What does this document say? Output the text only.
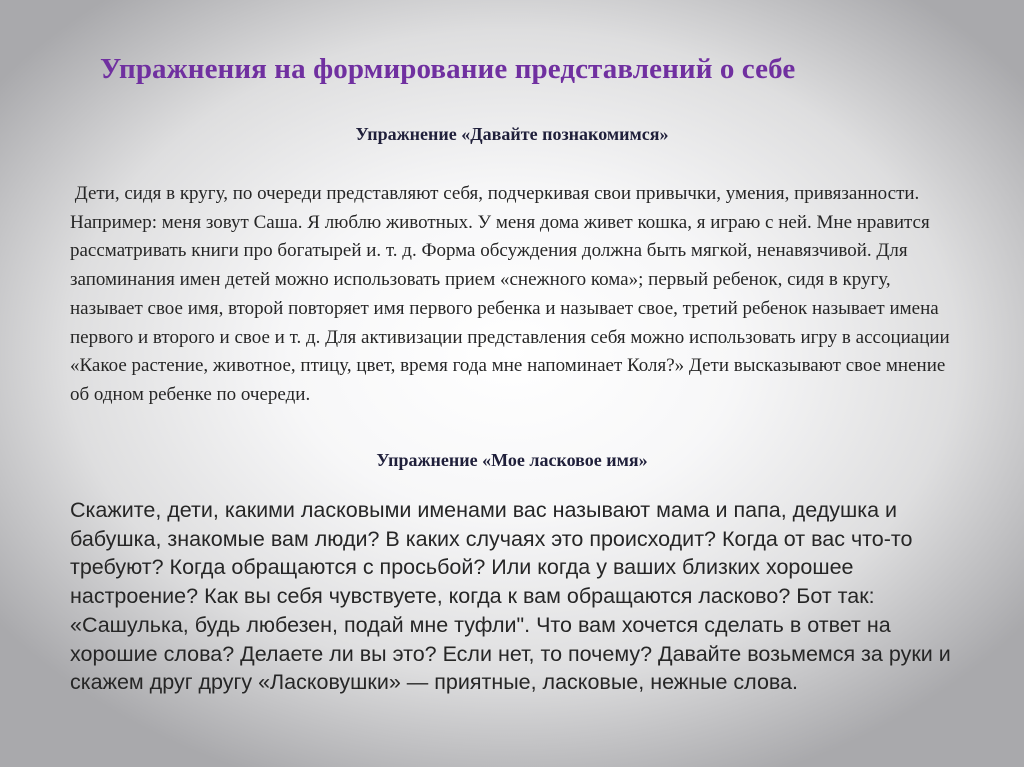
Упражнения на формирование представлений о себе
Упражнение «Давайте познакомимся»

Дети, сидя в кругу, по очереди представляют себя, подчеркивая свои привычки, умения, привязанности. Например: меня зовут Саша. Я люблю животных. У меня дома живет кошка, я играю с ней. Мне нравится рассматривать книги про богатырей и. т. д. Форма обсуждения должна быть мягкой, ненавязчивой. Для запоминания имен детей можно использовать прием «снежного кома»; первый ребенок, сидя в кругу, называет свое имя, второй повторяет имя первого ребенка и называет свое, третий ребенок называет имена первого и второго и свое и т. д. Для активизации представления себя можно использовать игру в ассоциации «Какое растение, животное, птицу, цвет, время года мне напоминает Коля?» Дети высказывают свое мнение об одном ребенке по очереди.

Упражнение «Мое ласковое имя»

Скажите, дети, какими ласковыми именами вас называют мама и папа, дедушка и бабушка, знакомые вам люди? В каких случаях это происходит? Когда от вас что-то требуют? Когда обращаются с просьбой? Или когда у ваших близких хорошее настроение? Как вы себя чувствуете, когда к вам обращаются ласково? Бот так: «Сашулька, будь любезен, подай мне туфли". Что вам хочется сделать в ответ на хорошие слова? Делаете ли вы это? Если нет, то почему? Давайте возьмемся за руки и скажем друг другу «Ласковушки» — приятные, ласковые, нежные слова.
